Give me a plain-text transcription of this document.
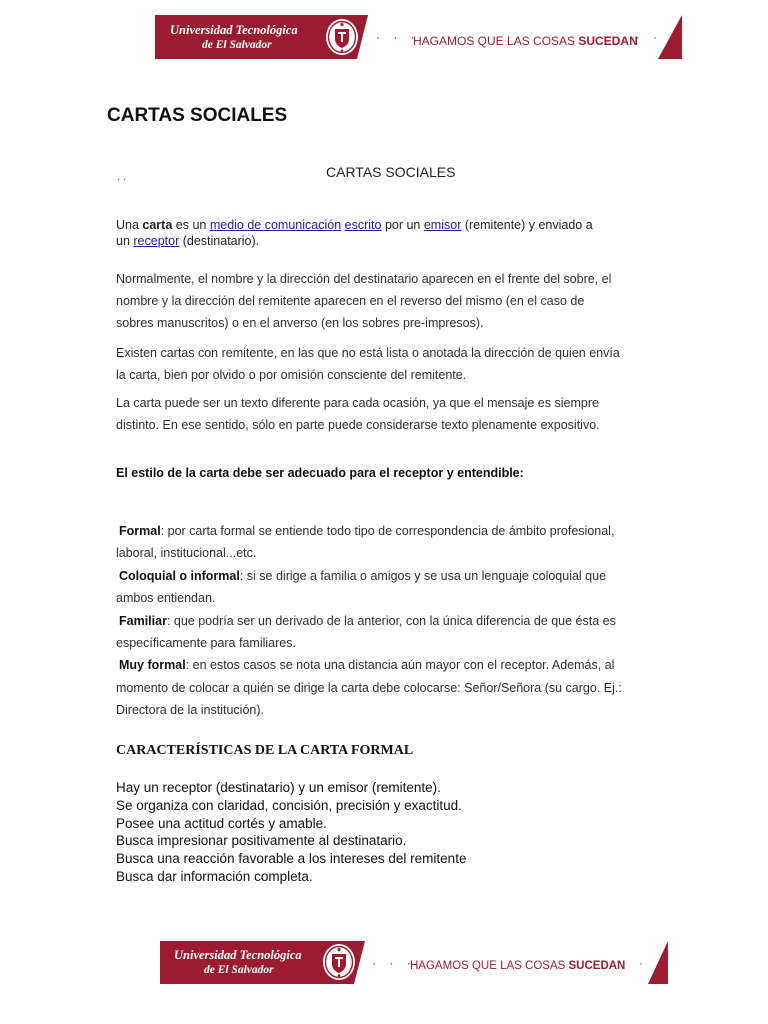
Universidad Tecnológica
de El Salvador
· · ·
HAGAMOS QUE LAS COSAS SUCEDAN
· ·
CARTAS SOCIALES
. .	CARTAS SOCIALES
Una carta es un medio de comunicación escrito por un emisor (remitente) y enviado a
un receptor (destinatario).
Normalmente, el nombre y la dirección del destinatario aparecen en el frente del sobre, el
nombre y la dirección del remitente aparecen en el reverso del mismo (en el caso de
sobres manuscritos) o en el anverso (en los sobres pre-impresos).
Existen cartas con remitente, en las que no está lista o anotada la dirección de quien envía
la carta, bien por olvido o por omisión consciente del remitente.
La carta puede ser un texto diferente para cada ocasión, ya que el mensaje es siempre
distinto. En ese sentido, sólo en parte puede considerarse texto plenamente expositivo.
El estilo de la carta debe ser adecuado para el receptor y entendible:
Formal: por carta formal se entiende todo tipo de correspondencia de ámbito profesional,
laboral, institucional...etc.
Coloquial o informal: si se dirige a familia o amigos y se usa un lenguaje coloquial que
ambos entiendan.
Familiar: que podría ser un derivado de la anterior, con la única diferencia de que ésta es
específicamente para familiares.
Muy formal: en estos casos se nota una distancia aún mayor con el receptor. Además, al
momento de colocar a quién se dirige la carta debe colocarse: Señor/Señora (su cargo. Ej.:
Directora de la institución).
CARACTERÍSTICAS DE LA CARTA FORMAL
Hay un receptor (destinatario) y un emisor (remitente).
Se organiza con claridad, concisión, precisión y exactitud.
Posee una actitud cortés y amable.
Busca impresionar positivamente al destinatario.
Busca una reacción favorable a los intereses del remitente
Busca dar información completa.
Universidad Tecnológica
de El Salvador	· · ·
HAGAMOS QUE LAS COSAS SUCEDAN
· ·
